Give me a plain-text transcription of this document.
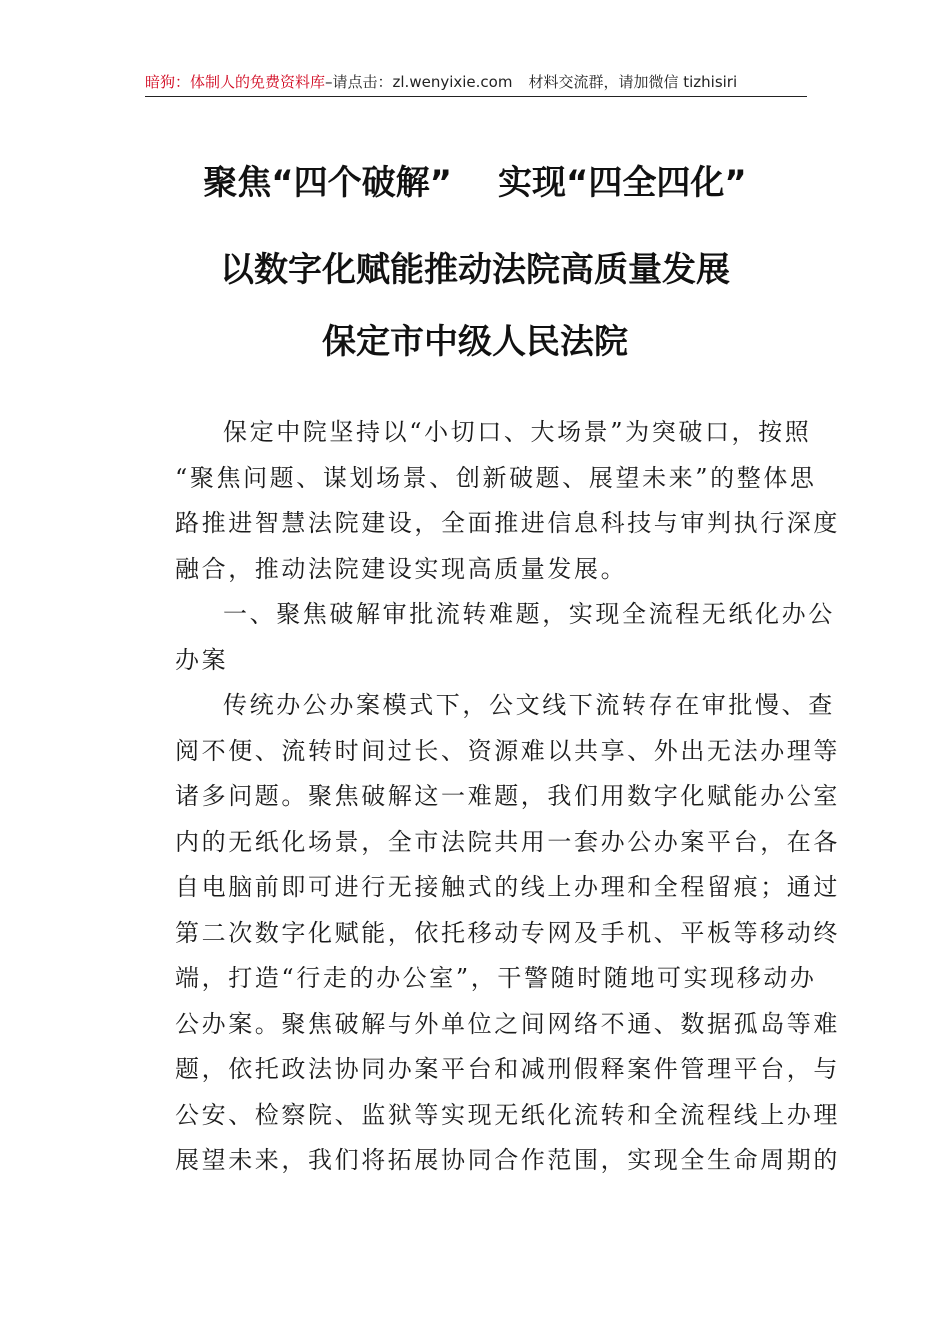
暗狗：体制人的免费资料库–请点击：zl.wenyixie.com 材料交流群，请加微信 tizhisiri
聚焦“四个破解” 实现“四全四化”
以数字化赋能推动法院高质量发展
保定市中级人民法院
保定中院坚持以“小切口、大场景”为突破口，按照
“聚焦问题、谋划场景、创新破题、展望未来”的整体思
路推进智慧法院建设，全面推进信息科技与审判执行深度
融合，推动法院建设实现高质量发展。
一、聚焦破解审批流转难题，实现全流程无纸化办公
办案
传统办公办案模式下，公文线下流转存在审批慢、查
阅不便、流转时间过长、资源难以共享、外出无法办理等
诸多问题。聚焦破解这一难题，我们用数字化赋能办公室
内的无纸化场景，全市法院共用一套办公办案平台，在各
自电脑前即可进行无接触式的线上办理和全程留痕；通过
第二次数字化赋能，依托移动专网及手机、平板等移动终
端，打造“行走的办公室”，干警随时随地可实现移动办
公办案。聚焦破解与外单位之间网络不通、数据孤岛等难
题，依托政法协同办案平台和减刑假释案件管理平台，与
公安、检察院、监狱等实现无纸化流转和全流程线上办理
展望未来，我们将拓展协同合作范围，实现全生命周期的
